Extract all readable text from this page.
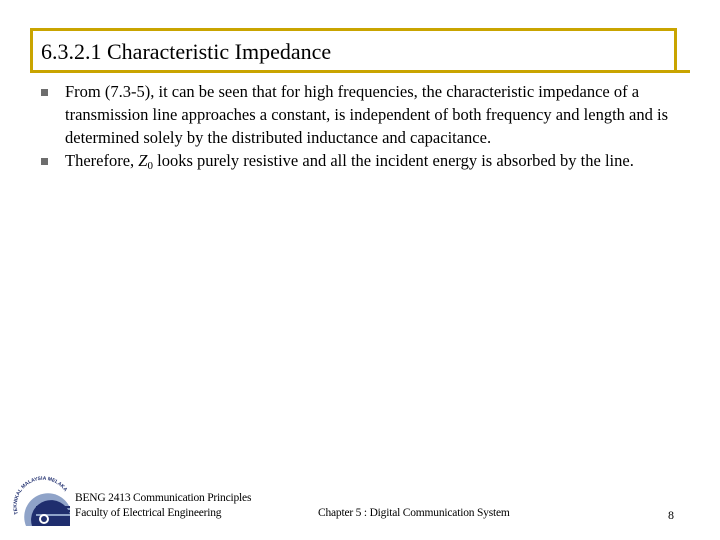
6.3.2.1 Characteristic Impedance
From (7.3-5), it can be seen that for high frequencies, the characteristic impedance of a transmission line approaches a constant, is independent of both frequency and length and is determined solely by the distributed inductance and capacitance.
Therefore, $Z_0$ looks purely resistive and all the incident energy is absorbed by the line.
TEKNIKAL MALAYSIA MELAKA
BENG 2413 Communication Principles
Faculty of Electrical Engineering	Chapter 5 : Digital Communication System	8
